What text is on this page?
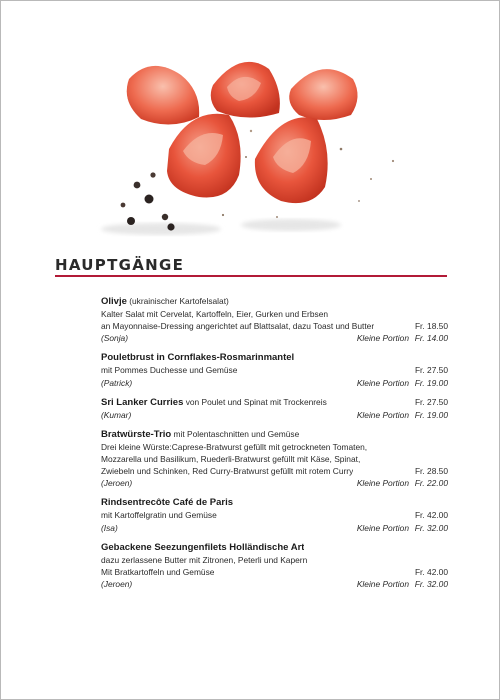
HAUPTGÄNGE
Olivje (ukrainischer Kartofelsalat)
Kalter Salat mit Cervelat, Kartoffeln, Eier, Gurken und Erbsen
an Mayonnaise-Dressing angerichtet auf Blattsalat, dazu Toast und Butter	Fr. 18.50
(Sonja)	Kleine Portion Fr. 14.00
Pouletbrust in Cornflakes-Rosmarinmantel
mit Pommes Duchesse und Gemüse	Fr. 27.50
(Patrick)	Kleine Portion Fr. 19.00
Sri Lanker Curries von Poulet und Spinat mit Trockenreis	Fr. 27.50
(Kumar)	Kleine Portion Fr. 19.00
Bratwürste-Trio mit Polentaschnitten und Gemüse
Drei kleine Würste:Caprese-Bratwurst gefüllt mit getrockneten Tomaten,
Mozzarella und Basilikum, Ruederli-Bratwurst gefüllt mit Käse, Spinat,
Zwiebeln und Schinken, Red Curry-Bratwurst gefüllt mit rotem Curry	Fr. 28.50
(Jeroen)	Kleine Portion Fr. 22.00
Rindsentrecôte Café de Paris
mit Kartoffelgratin und Gemüse	Fr. 42.00
(Isa)	Kleine Portion Fr. 32.00
Gebackene Seezungenfilets Holländische Art
dazu zerlassene Butter mit Zitronen, Peterli und Kapern
Mit Bratkartoffeln und Gemüse	Fr. 42.00
(Jeroen)	Kleine Portion Fr. 32.00
